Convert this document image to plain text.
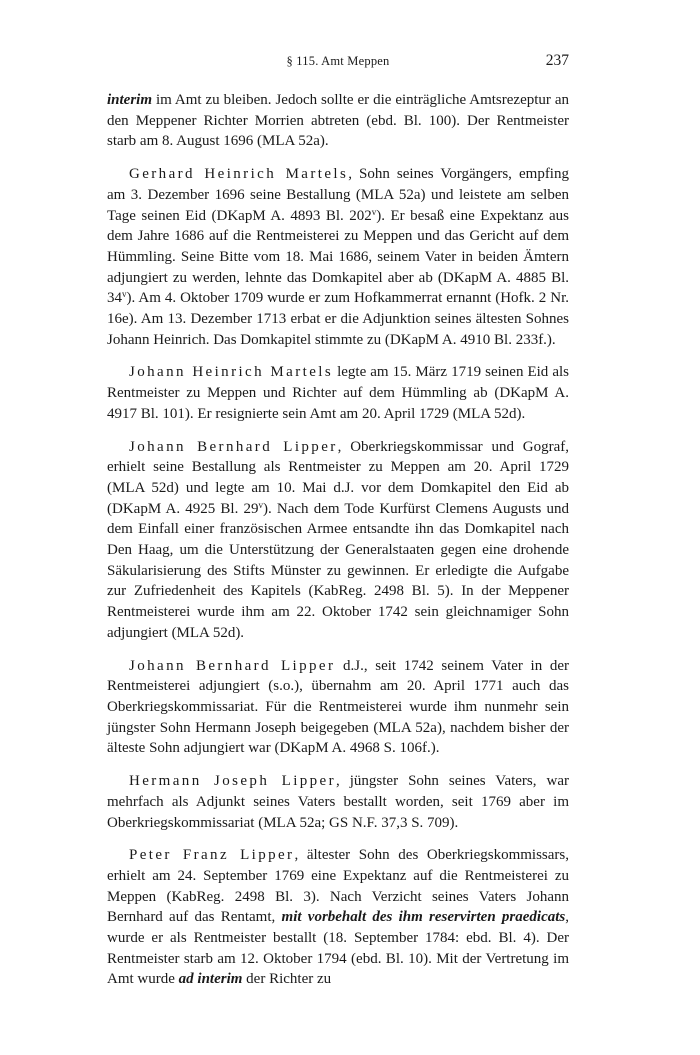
§ 115. Amt Meppen	237

interim im Amt zu bleiben. Jedoch sollte er die einträgliche Amtsrezeptur an den Meppener Richter Morrien abtreten (ebd. Bl. 100). Der Rentmeister starb am 8. August 1696 (MLA 52a).

Gerhard Heinrich Martels, Sohn seines Vorgängers, empfing am 3. Dezember 1696 seine Bestallung (MLA 52a) und leistete am selben Tage seinen Eid (DKapM A. 4893 Bl. 202$^v$). Er besaß eine Expektanz aus dem Jahre 1686 auf die Rentmeisterei zu Meppen und das Gericht auf dem Hümmling. Seine Bitte vom 18. Mai 1686, seinem Vater in beiden Ämtern adjungiert zu werden, lehnte das Domkapitel aber ab (DKapM A. 4885 Bl. 34$^v$). Am 4. Oktober 1709 wurde er zum Hofkammerrat ernannt (Hofk. 2 Nr. 16e). Am 13. Dezember 1713 erbat er die Adjunktion seines ältesten Sohnes Johann Heinrich. Das Domkapitel stimmte zu (DKapM A. 4910 Bl. 233f.).

Johann Heinrich Martels legte am 15. März 1719 seinen Eid als Rentmeister zu Meppen und Richter auf dem Hümmling ab (DKapM A. 4917 Bl. 101). Er resignierte sein Amt am 20. April 1729 (MLA 52d).

Johann Bernhard Lipper, Oberkriegskommissar und Gograf, erhielt seine Bestallung als Rentmeister zu Meppen am 20. April 1729 (MLA 52d) und legte am 10. Mai d.J. vor dem Domkapitel den Eid ab (DKapM A. 4925 Bl. 29$^v$). Nach dem Tode Kurfürst Clemens Augusts und dem Einfall einer französischen Armee entsandte ihn das Domkapitel nach Den Haag, um die Unterstützung der Generalstaaten gegen eine drohende Säkularisierung des Stifts Münster zu gewinnen. Er erledigte die Aufgabe zur Zufriedenheit des Kapitels (KabReg. 2498 Bl. 5). In der Meppener Rentmeisterei wurde ihm am 22. Oktober 1742 sein gleichnamiger Sohn adjungiert (MLA 52d).

Johann Bernhard Lipper d.J., seit 1742 seinem Vater in der Rentmeisterei adjungiert (s.o.), übernahm am 20. April 1771 auch das Oberkriegskommissariat. Für die Rentmeisterei wurde ihm nunmehr sein jüngster Sohn Hermann Joseph beigegeben (MLA 52a), nachdem bisher der älteste Sohn adjungiert war (DKapM A. 4968 S. 106f.).

Hermann Joseph Lipper, jüngster Sohn seines Vaters, war mehrfach als Adjunkt seines Vaters bestallt worden, seit 1769 aber im Oberkriegskommissariat (MLA 52a; GS N.F. 37,3 S. 709).

Peter Franz Lipper, ältester Sohn des Oberkriegskommissars, erhielt am 24. September 1769 eine Expektanz auf die Rentmeisterei zu Meppen (KabReg. 2498 Bl. 3). Nach Verzicht seines Vaters Johann Bernhard auf das Rentamt, mit vorbehalt des ihm reservirten praedicats, wurde er als Rentmeister bestallt (18. September 1784: ebd. Bl. 4). Der Rentmeister starb am 12. Oktober 1794 (ebd. Bl. 10). Mit der Vertretung im Amt wurde ad interim der Richter zu
